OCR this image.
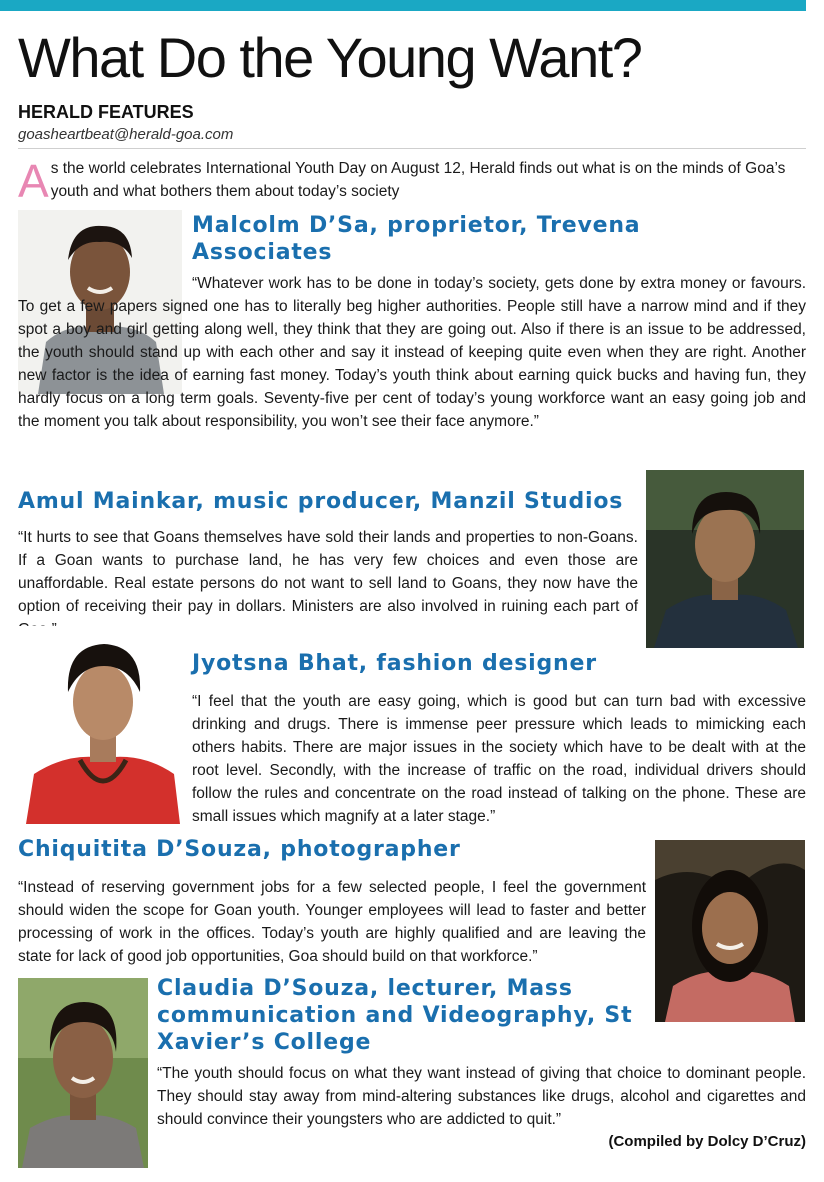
What Do the Young Want?
HERALD FEATURES
goasheartbeat@herald-goa.com
As the world celebrates International Youth Day on August 12, Herald finds out what is on the minds of Goa’s youth and what bothers them about today’s society
Malcolm D’Sa, proprietor, Trevena Associates

“Whatever work has to be done in today’s society, gets done by extra money or favours. To get a few papers signed one has to literally beg higher authorities. People still have a narrow mind and if they spot a boy and girl getting along well, they think that they are going out. Also if there is an issue to be addressed, the youth should stand up with each other and say it instead of keeping quite even when they are right. Another new factor is the idea of earning fast money. Today’s youth think about earning quick bucks and having fun, they hardly focus on a long term goals. Seventy-five per cent of today’s young workforce want an easy going job and the moment you talk about responsibility, you won’t see their face anymore.”

Amul Mainkar, music producer, Manzil Studios

“It hurts to see that Goans themselves have sold their lands and properties to non-Goans. If a Goan wants to purchase land, he has very few choices and even those are unaffordable. Real estate persons do not want to sell land to Goans, they now have the option of receiving their pay in dollars. Ministers are also involved in ruining each part of

Jyotsna Bhat, fashion designer

“I feel that the youth are easy going, which is good but can turn bad with excessive drinking and drugs. There is immense peer pressure which leads to mimicking each others habits. There are major issues in the society which have to be dealt with at the root level. Secondly, with the increase of traffic on the road, individual drivers should follow the rules and concentrate on the road instead of talking on the phone. These are small issues which magnify at a later stage.”

Chiquitita D’Souza, photographer

“Instead of reserving government jobs for a few selected people, I feel the government should widen the scope for Goan youth. Younger employees will lead to faster and better processing of work in the offices. Today’s youth are highly qualified and are leaving the state for lack of good job opportunities, Goa should build on that workforce.”

Claudia D’Souza, lecturer, Mass communication and Videography, St Xavier’s College

“The youth should focus on what they want instead of giving that choice to dominant people. They should stay away from mind-altering substances like drugs, alcohol and cigarettes and should convince their youngsters who are addicted to quit.”

(Compiled by Dolcy D’Cruz)
